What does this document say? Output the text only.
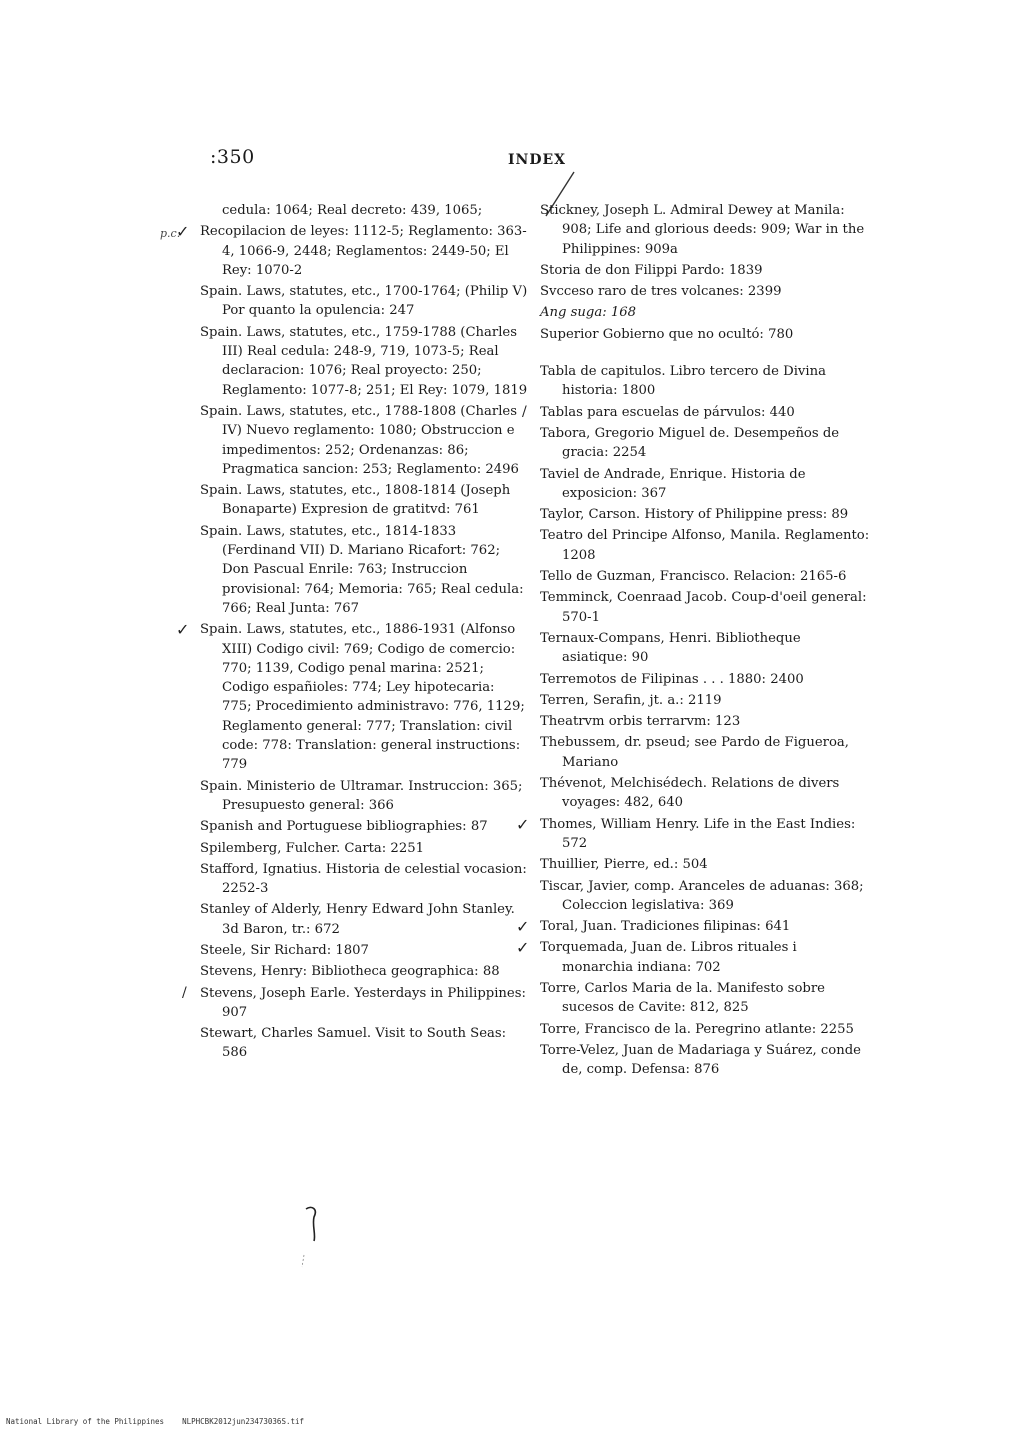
:350	INDEX
cedula: 1064; Real decreto: 439, 1065;
✓
p.c. Recopilacion de leyes: 1112-5; Reglamento: 363-4, 1066-9, 2448; Reglamentos: 2449-50; El Rey: 1070-2
Spain. Laws, statutes, etc., 1700-1764; (Philip V) Por quanto la opulencia: 247
Spain. Laws, statutes, etc., 1759-1788 (Charles III) Real cedula: 248-9, 719, 1073-5; Real declaracion: 1076; Real proyecto: 250; Reglamento: 1077-8; 251; El Rey: 1079, 1819
Spain. Laws, statutes, etc., 1788-1808 (Charles IV) Nuevo reglamento: 1080; Obstruccion e impedimentos: 252; Ordenanzas: 86; Pragmatica sancion: 253; Reglamento: 2496
Spain. Laws, statutes, etc., 1808-1814 (Joseph Bonaparte) Expresion de gratitvd: 761
Spain. Laws, statutes, etc., 1814-1833 (Ferdinand VII) D. Mariano Ricafort: 762; Don Pascual Enrile: 763; Instruccion provisional: 764; Memoria: 765; Real cedula: 766; Real Junta: 767
✓ Spain. Laws, statutes, etc., 1886-1931 (Alfonso XIII) Codigo civil: 769; Codigo de comercio: 770; 1139, Codigo penal marina: 2521; Codigo españioles: 774; Ley hipotecaria: 775; Procedimiento administravo: 776, 1129; Reglamento general: 777; Translation: civil code: 778: Translation: general instructions: 779
Spain. Ministerio de Ultramar. Instruccion: 365; Presupuesto general: 366
Spanish and Portuguese bibliographies: 87
Spilemberg, Fulcher. Carta: 2251
Stafford, Ignatius. Historia de celestial vocasion: 2252-3
Stanley of Alderly, Henry Edward John Stanley. 3d Baron, tr.: 672
Steele, Sir Richard: 1807
Stevens, Henry: Bibliotheca geographica: 88
/ Stevens, Joseph Earle. Yesterdays in Philippines: 907
Stewart, Charles Samuel. Visit to South Seas: 586
Stickney, Joseph L. Admiral Dewey at Manila: 908; Life and glorious deeds: 909; War in the Philippines: 909a
Storia de don Filippi Pardo: 1839
Svcceso raro de tres volcanes: 2399
Ang suga: 168
Superior Gobierno que no ocultó: 780
Tabla de capitulos. Libro tercero de Divina historia: 1800
/ Tablas para escuelas de párvulos: 440
Tabora, Gregorio Miguel de. Desempeños de gracia: 2254
Taviel de Andrade, Enrique. Historia de exposicion: 367
Taylor, Carson. History of Philippine press: 89
Teatro del Principe Alfonso, Manila. Reglamento: 1208
Tello de Guzman, Francisco. Relacion: 2165-6
Temminck, Coenraad Jacob. Coup-d'oeil general: 570-1
Ternaux-Compans, Henri. Bibliotheque asiatique: 90
Terremotos de Filipinas . . . 1880: 2400
Terren, Serafin, jt. a.: 2119
Theatrvm orbis terrarvm: 123
Thebussem, dr. pseud; see Pardo de Figueroa, Mariano
Thévenot, Melchisédech. Relations de divers voyages: 482, 640
✓ Thomes, William Henry. Life in the East Indies: 572
Thuillier, Pierre, ed.: 504
Tiscar, Javier, comp. Aranceles de aduanas: 368; Coleccion legislativa: 369
✓ Toral, Juan. Tradiciones filipinas: 641
✓ Torquemada, Juan de. Libros rituales i monarchia indiana: 702
Torre, Carlos Maria de la. Manifesto sobre sucesos de Cavite: 812, 825
Torre, Francisco de la. Peregrino atlante: 2255
Torre-Velez, Juan de Madariaga y Suárez, conde de, comp. Defensa: 876
National Library of the Philippines    NLPHCBK2012jun23473036S.tif
